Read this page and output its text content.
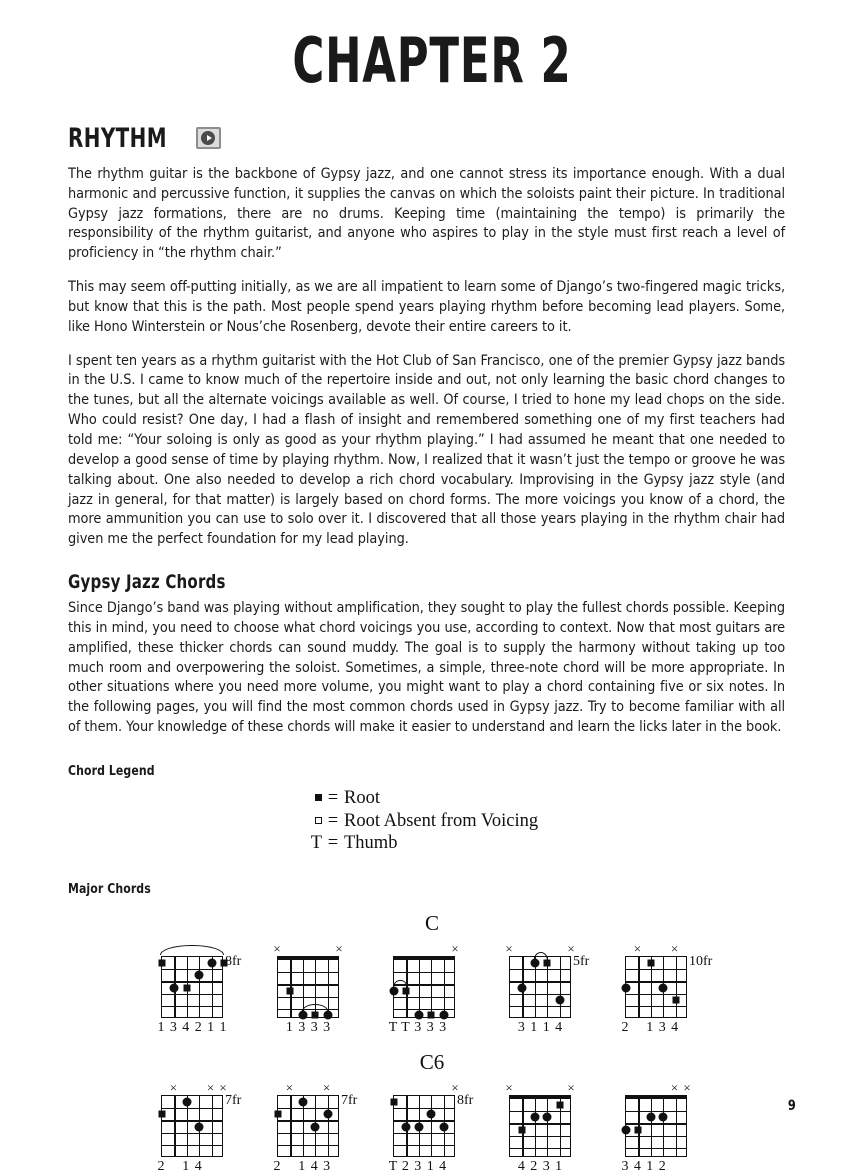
CHAPTER 2
RHYTHM

The rhythm guitar is the backbone of Gypsy jazz, and one cannot stress its importance enough. With a dual harmonic and percussive function, it supplies the canvas on which the soloists paint their picture. In traditional Gypsy jazz formations, there are no drums. Keeping time (maintaining the tempo) is primarily the responsibility of the rhythm guitarist, and anyone who aspires to play in the style must first reach a level of proficiency in “the rhythm chair.”

This may seem off-putting initially, as we are all impatient to learn some of Django’s two-fingered magic tricks, but know that this is the path. Most people spend years playing rhythm before becoming lead players. Some, like Hono Winterstein or Nous’che Rosenberg, devote their entire careers to it.

I spent ten years as a rhythm guitarist with the Hot Club of San Francisco, one of the premier Gypsy jazz bands in the U.S. I came to know much of the repertoire inside and out, not only learning the basic chord changes to the tunes, but all the alternate voicings available as well. Of course, I tried to hone my lead chops on the side. Who could resist? One day, I had a flash of insight and remembered something one of my first teachers had told me: “Your soloing is only as good as your rhythm playing.” I had assumed he meant that one needed to develop a good sense of time by playing rhythm. Now, I realized that it wasn’t just the tempo or groove he was talking about. One also needed to develop a rich chord vocabulary. Improvising in the Gypsy jazz style (and jazz in general, for that matter) is largely based on chord forms. The more voicings you know of a chord, the more ammunition you can use to solo over it. I discovered that all those years playing in the rhythm chair had given me the perfect foundation for my lead playing.

Gypsy Jazz Chords

Since Django’s band was playing without amplification, they sought to play the fullest chords possible. Keeping this in mind, you need to choose what chord voicings you use, according to context. Now that most guitars are amplified, these thicker chords can sound muddy. The goal is to supply the harmony without taking up too much room and overpowering the soloist. Sometimes, a simple, three-note chord will be more appropriate. In other situations where you need more volume, you might want to play a chord containing five or six notes. In the following pages, you will find the most common chords used in Gypsy jazz. Try to become familiar with all of them. Your knowledge of these chords will make it easier to understand and learn the licks later in the book.

Chord Legend
= Root
= Root Absent from Voicing
T = Thumb
Major Chords
C
8fr
1 3 4 2 1 1
×	×
1 3 3 3
×
T T 3 3 3
×	×
5fr
3 1 1 4
× ×
10fr
2 1 3 4
C6
× × ×
7fr
2 1 4
× ×
7fr
2 1 4 3
×
8fr
T 2 3 1 4
×	×
4 2 3 1
× ×
3 4 1 2
9
